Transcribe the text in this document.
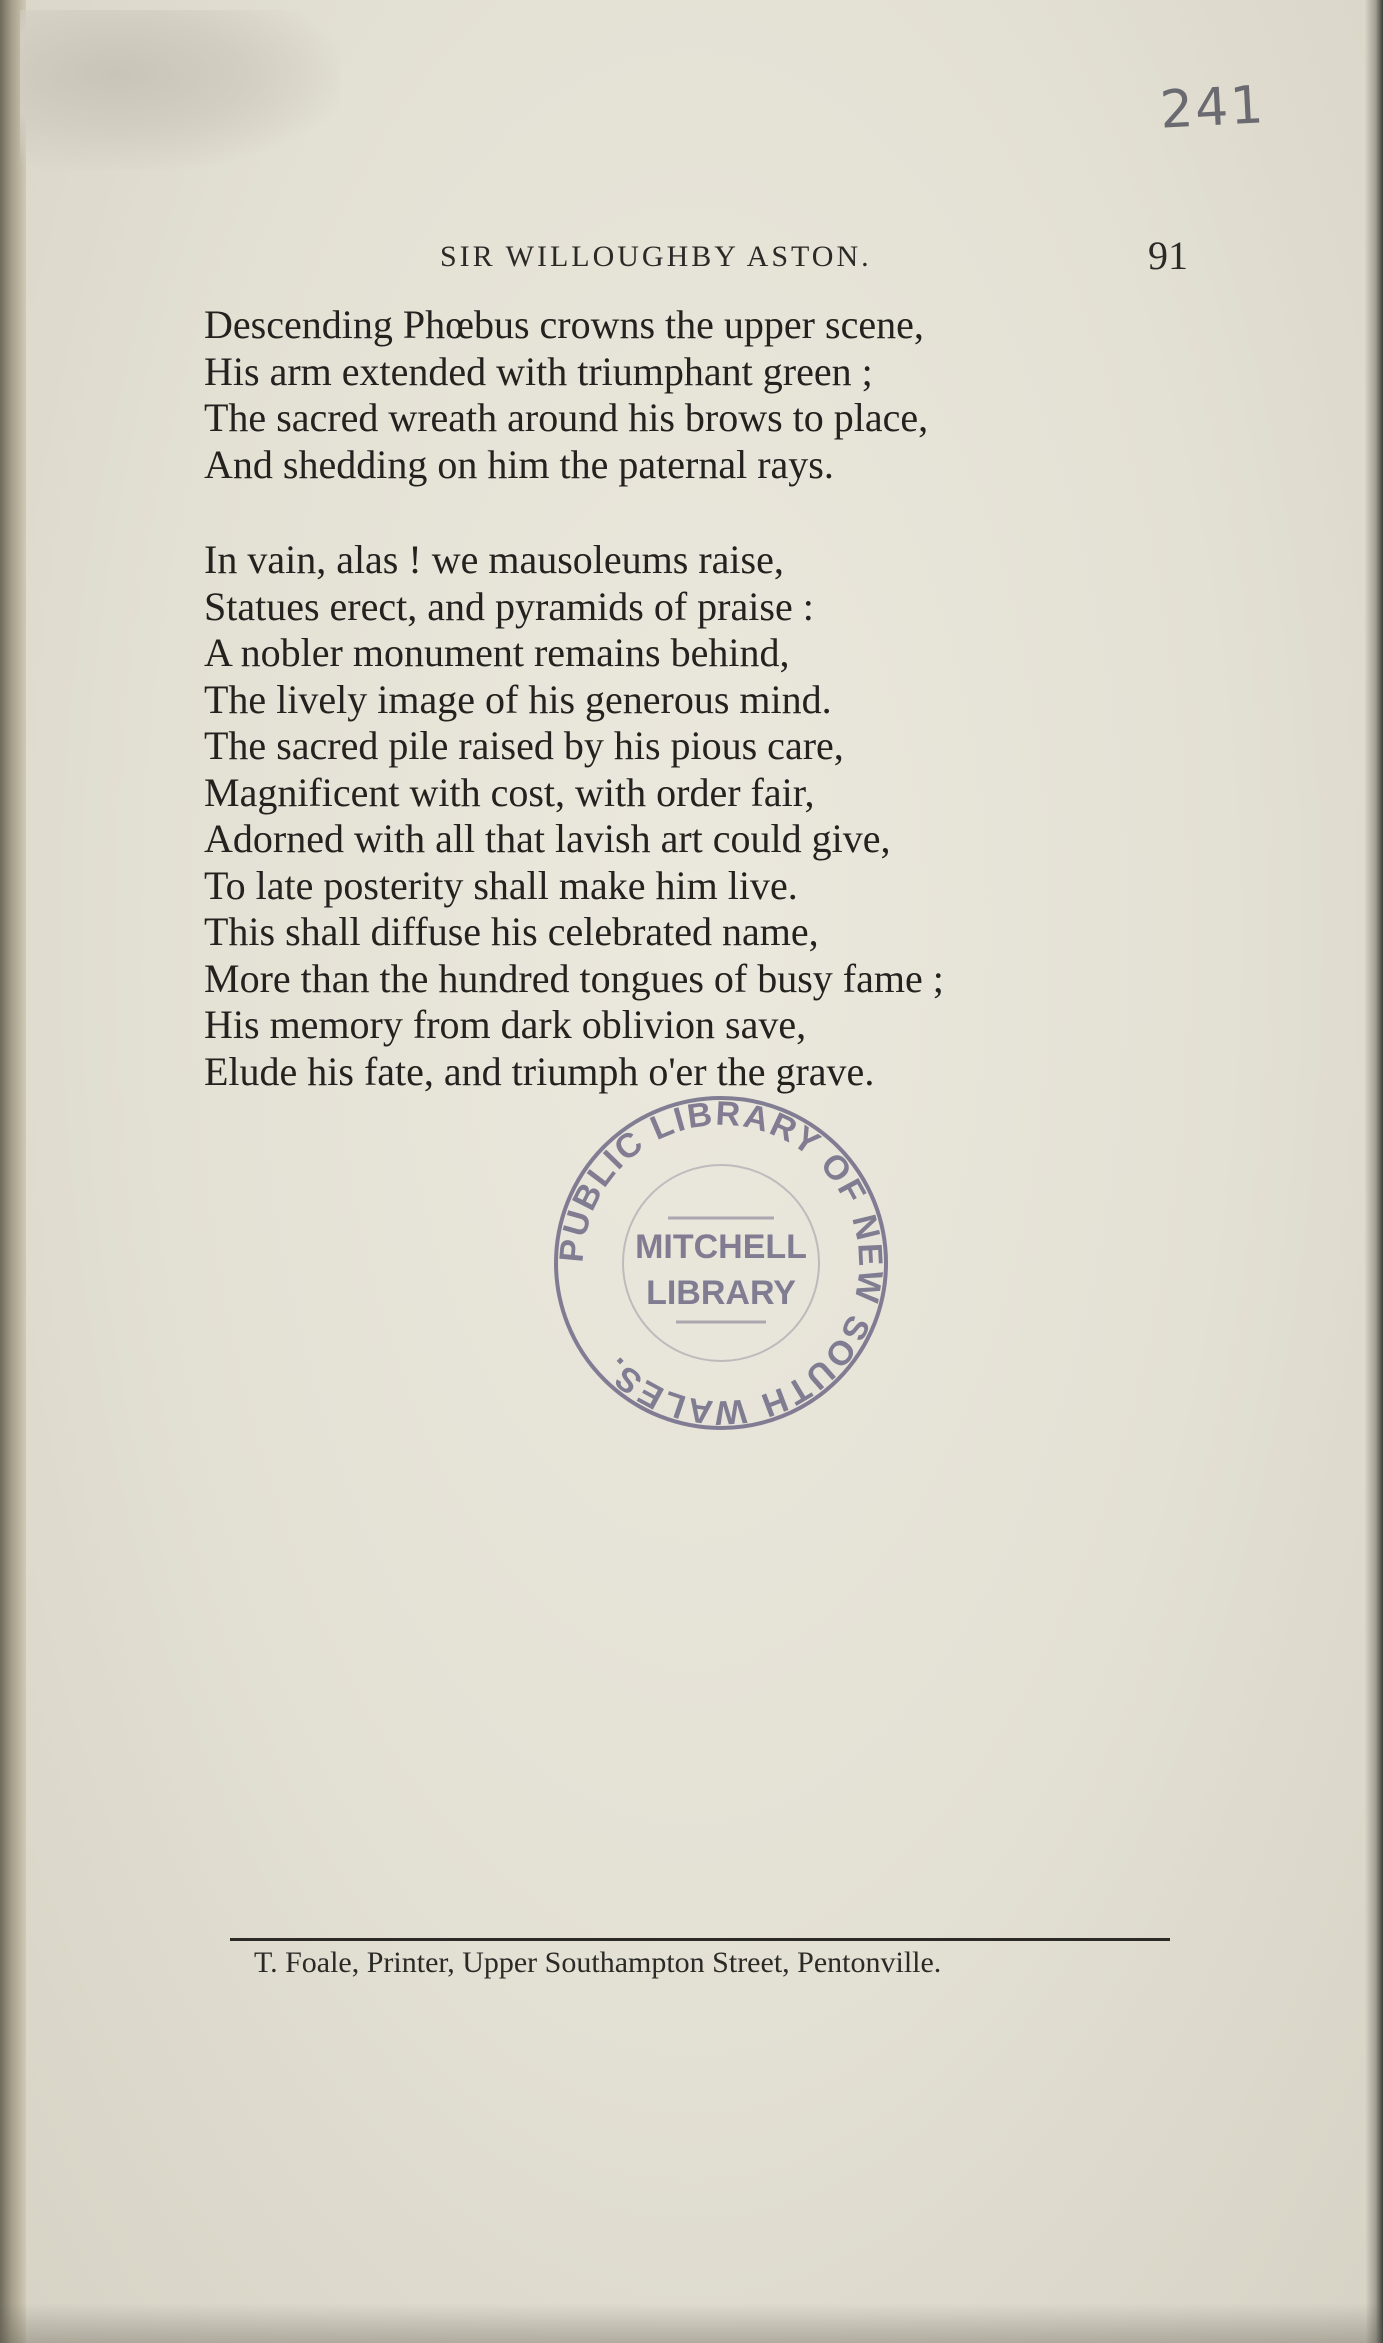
241
SIR WILLOUGHBY ASTON.	91
Descending Phœbus crowns the upper scene,
His arm extended with triumphant green ;
The sacred wreath around his brows to place,
And shedding on him the paternal rays.
In vain, alas ! we mausoleums raise,
Statues erect, and pyramids of praise :
A nobler monument remains behind,
The lively image of his generous mind.
The sacred pile raised by his pious care,
Magnificent with cost, with order fair,
Adorned with all that lavish art could give,
To late posterity shall make him live.
This shall diffuse his celebrated name,
More than the hundred tongues of busy fame ;
His memory from dark oblivion save,
Elude his fate, and triumph o'er the grave.
PUBLIC LIBRARY OF NEW SOUTH WALES.
MITCHELL
LIBRARY
T. Foale, Printer, Upper Southampton Street, Pentonville.
